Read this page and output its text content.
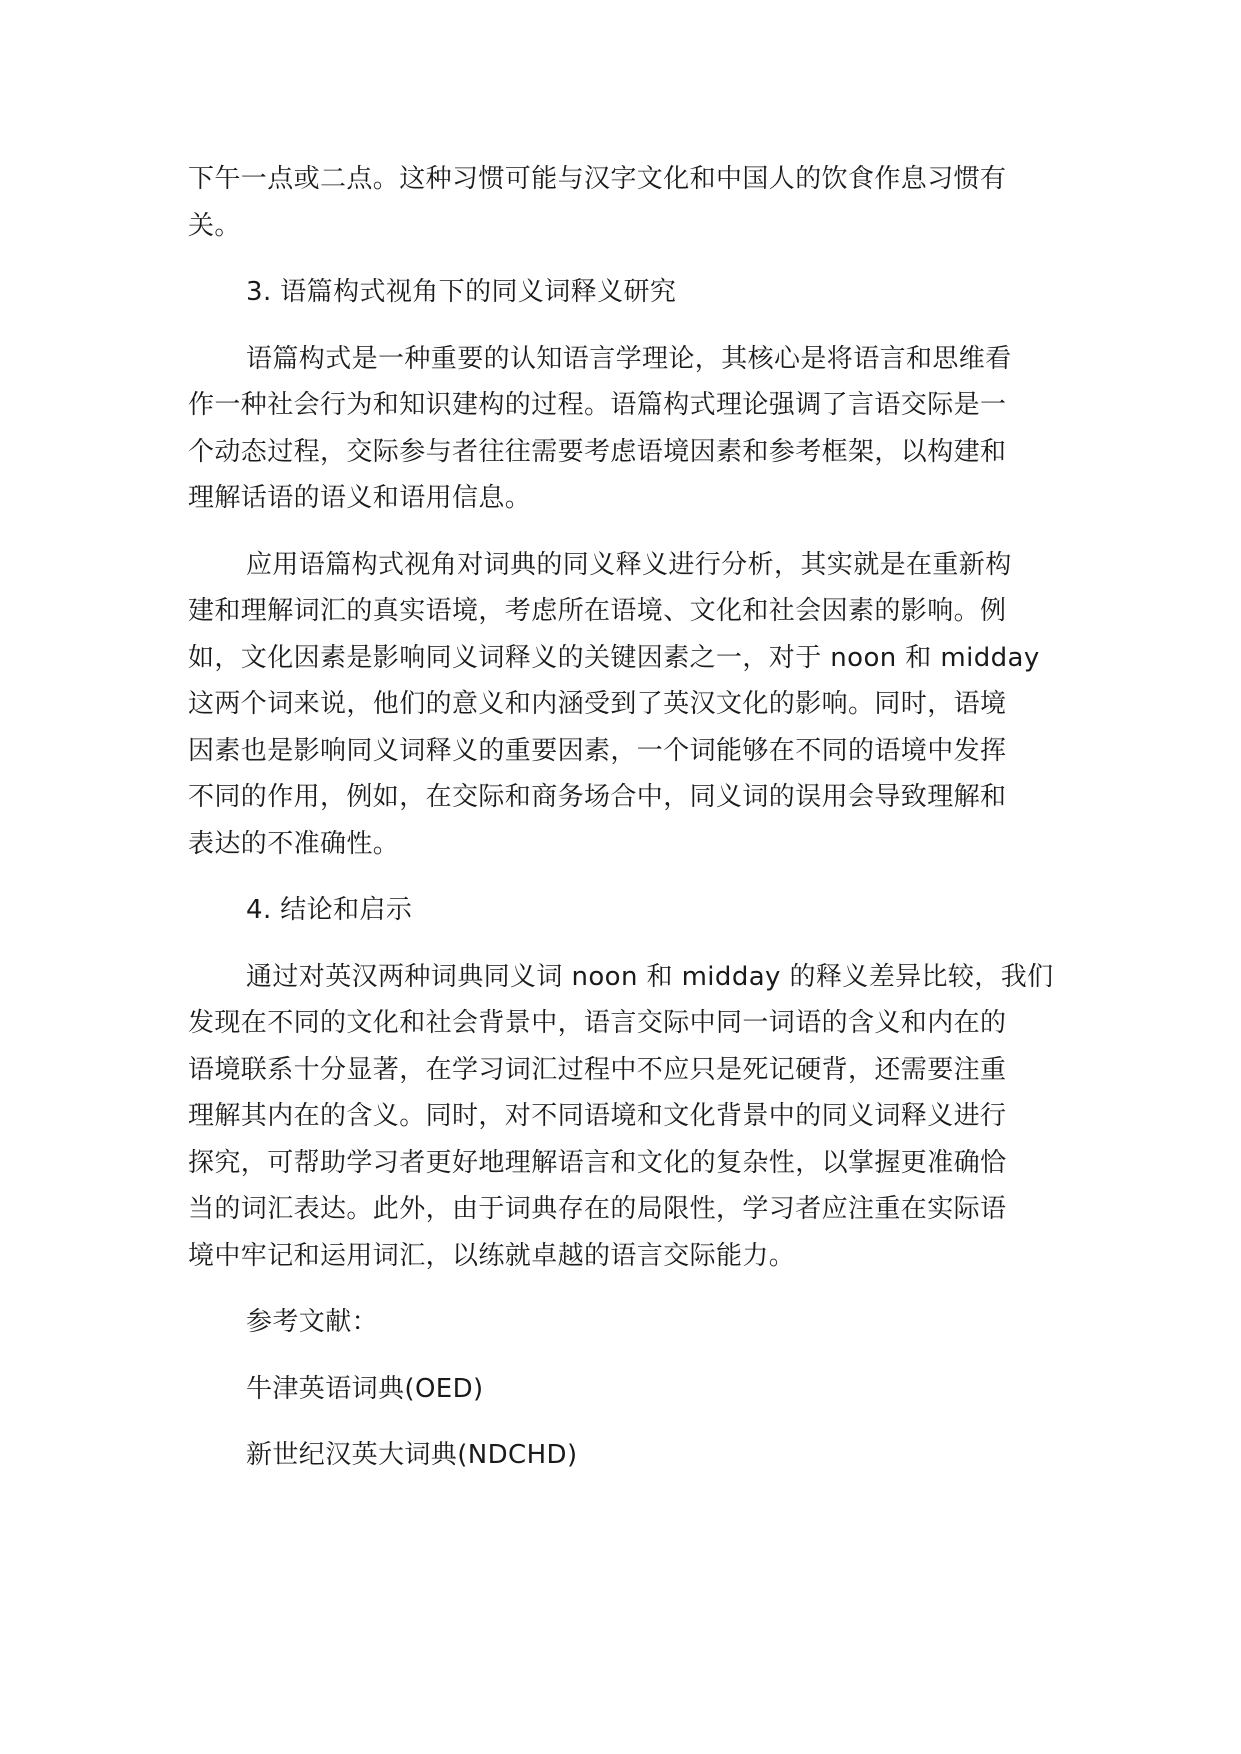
下午一点或二点。这种习惯可能与汉字文化和中国人的饮食作息习惯有
关。
3. 语篇构式视角下的同义词释义研究
语篇构式是一种重要的认知语言学理论，其核心是将语言和思维看
作一种社会行为和知识建构的过程。语篇构式理论强调了言语交际是一
个动态过程，交际参与者往往需要考虑语境因素和参考框架，以构建和
理解话语的语义和语用信息。
应用语篇构式视角对词典的同义释义进行分析，其实就是在重新构
建和理解词汇的真实语境，考虑所在语境、文化和社会因素的影响。例
如，文化因素是影响同义词释义的关键因素之一，对于 noon 和 midday
这两个词来说，他们的意义和内涵受到了英汉文化的影响。同时，语境
因素也是影响同义词释义的重要因素，一个词能够在不同的语境中发挥
不同的作用，例如，在交际和商务场合中，同义词的误用会导致理解和
表达的不准确性。
4. 结论和启示
通过对英汉两种词典同义词 noon 和 midday 的释义差异比较，我们
发现在不同的文化和社会背景中，语言交际中同一词语的含义和内在的
语境联系十分显著，在学习词汇过程中不应只是死记硬背，还需要注重
理解其内在的含义。同时，对不同语境和文化背景中的同义词释义进行
探究，可帮助学习者更好地理解语言和文化的复杂性，以掌握更准确恰
当的词汇表达。此外，由于词典存在的局限性，学习者应注重在实际语
境中牢记和运用词汇，以练就卓越的语言交际能力。
参考文献：
牛津英语词典(OED)
新世纪汉英大词典(NDCHD)
